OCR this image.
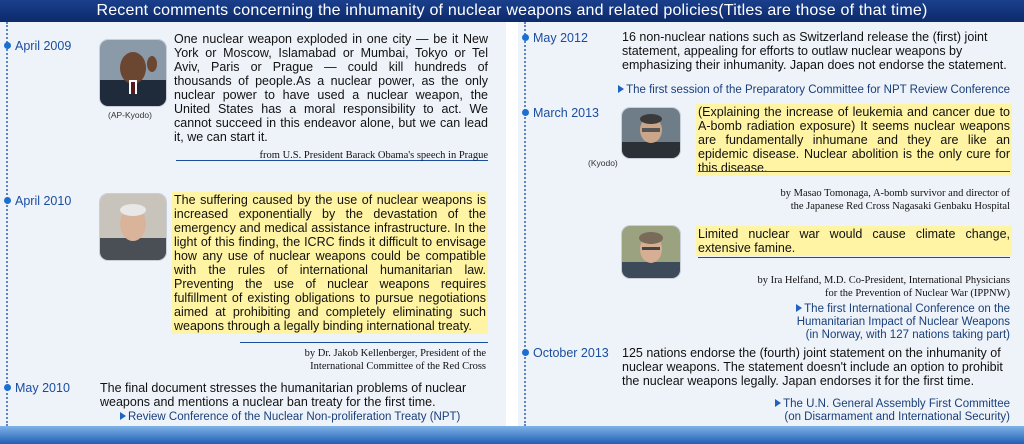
Recent comments concerning the inhumanity of nuclear weapons and related policies(Titles are those of that time)
April 2009
(AP-Kyodo)
One nuclear weapon exploded in one city — be it New York or Moscow, Islamabad or Mumbai, Tokyo or Tel Aviv, Paris or Prague — could kill hundreds of thousands of people.As a nuclear power, as the only nuclear power to have used a nuclear weapon, the United States has a moral responsibility to act. We cannot succeed in this endeavor alone, but we can lead it, we can start it.
from U.S. President Barack Obama's speech in Prague
April 2010	The suffering caused by the use of nuclear weapons is increased exponentially by the devastation of the emergency and medical assistance infrastructure. In the light of this finding, the ICRC finds it difficult to envisage how any use of nuclear weapons could be compatible with the rules of international humanitarian law. Preventing the use of nuclear weapons requires fulfillment of existing obligations to pursue negotiations aimed at prohibiting and completely eliminating such weapons through a legally binding international treaty.
by Dr. Jakob Kellenberger, President of the
International Committee of the Red Cross
May 2010 The final document stresses the humanitarian problems of nuclear weapons and mentions a nuclear ban treaty for the first time.
Review Conference of the Nuclear Non-proliferation Treaty (NPT)
May 2012	16 non-nuclear nations such as Switzerland release the (first) joint statement, appealing for efforts to outlaw nuclear weapons by emphasizing their inhumanity. Japan does not endorse the statement.
The first session of the Preparatory Committee for NPT Review Conference
March 2013
(Kyodo)
(Explaining the increase of leukemia and cancer due to A-bomb radiation exposure) It seems nuclear weapons are fundamentally inhumane and they are like an epidemic disease. Nuclear abolition is the only cure for this disease.
by Masao Tomonaga, A-bomb survivor and director of
the Japanese Red Cross Nagasaki Genbaku Hospital
Limited nuclear war would cause climate change, extensive famine.
by Ira Helfand, M.D. Co-President, International Physicians
for the Prevention of Nuclear War (IPPNW)
The first International Conference on the
Humanitarian Impact of Nuclear Weapons
(in Norway, with 127 nations taking part)
October 2013 125 nations endorse the (fourth) joint statement on the inhumanity of nuclear weapons. The statement doesn't include an option to prohibit the nuclear weapons legally. Japan endorses it for the first time.
The U.N. General Assembly First Committee
(on Disarmament and International Security)
